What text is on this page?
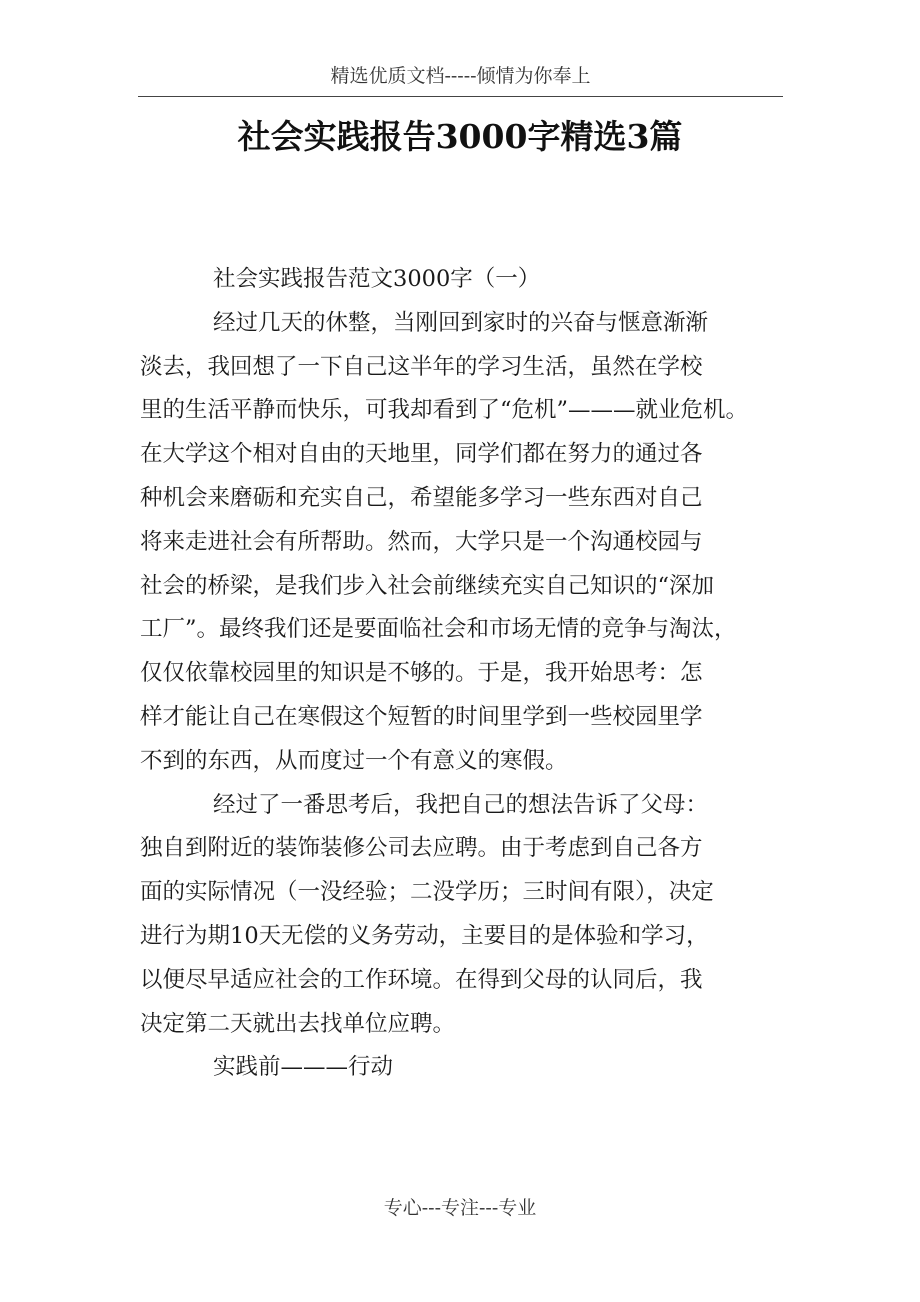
精选优质文档-----倾情为你奉上
社会实践报告3000字精选3篇
社会实践报告范文3000字（一）
经过几天的休整，当刚回到家时的兴奋与惬意渐渐
淡去，我回想了一下自己这半年的学习生活，虽然在学校
里的生活平静而快乐，可我却看到了“危机”———就业危机。
在大学这个相对自由的天地里，同学们都在努力的通过各
种机会来磨砺和充实自己，希望能多学习一些东西对自己
将来走进社会有所帮助。然而，大学只是一个沟通校园与
社会的桥梁，是我们步入社会前继续充实自己知识的“深加
工厂”。最终我们还是要面临社会和市场无情的竞争与淘汰，
仅仅依靠校园里的知识是不够的。于是，我开始思考：怎
样才能让自己在寒假这个短暂的时间里学到一些校园里学
不到的东西，从而度过一个有意义的寒假。
经过了一番思考后，我把自己的想法告诉了父母：
独自到附近的装饰装修公司去应聘。由于考虑到自己各方
面的实际情况（一没经验；二没学历；三时间有限），决定
进行为期10天无偿的义务劳动，主要目的是体验和学习，
以便尽早适应社会的工作环境。在得到父母的认同后，我
决定第二天就出去找单位应聘。
实践前———行动
专心---专注---专业
